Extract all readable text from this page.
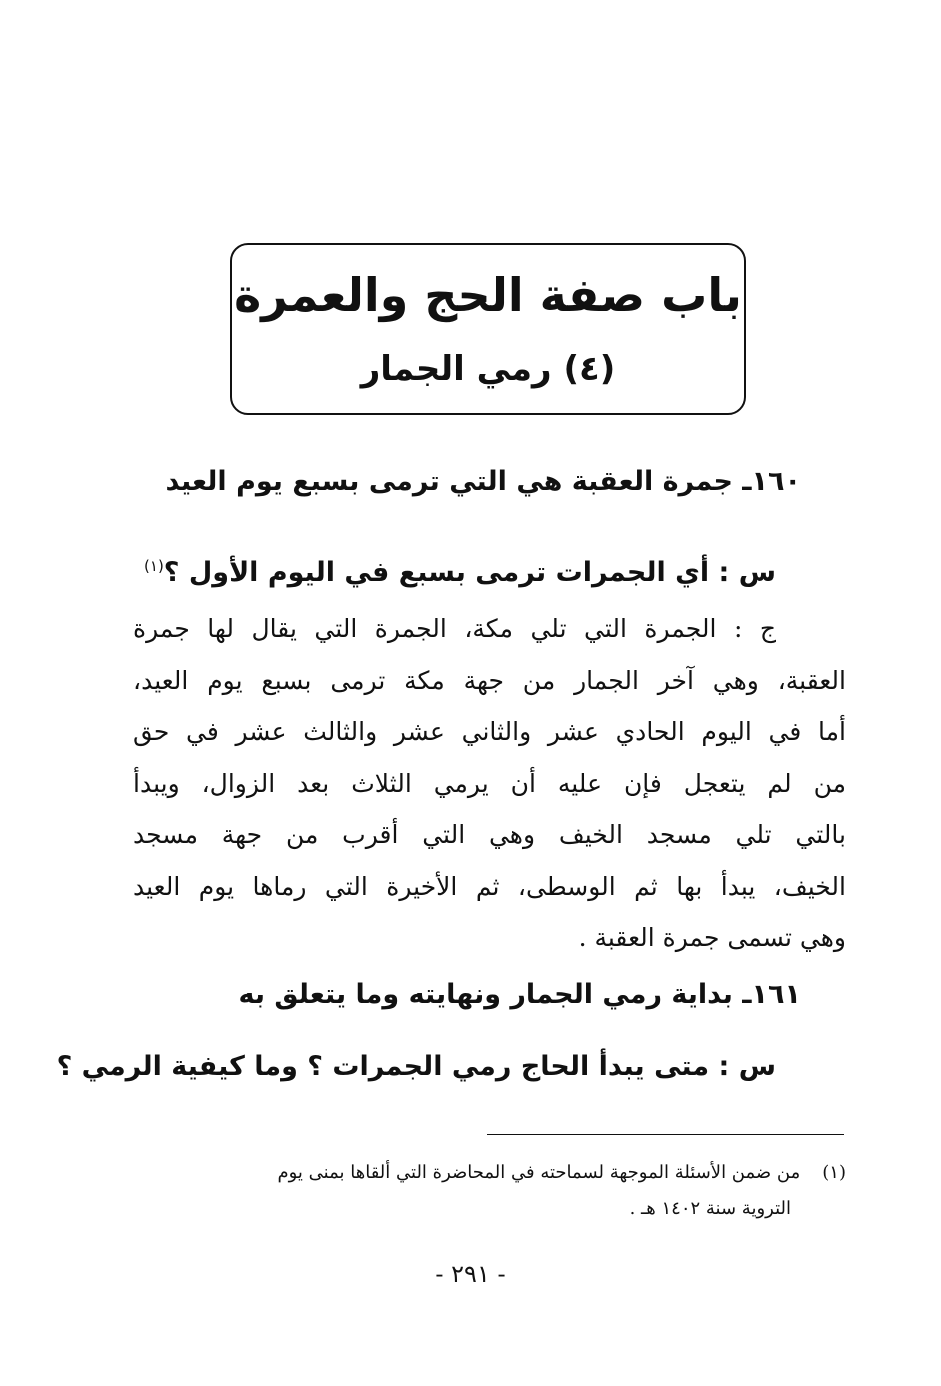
باب صفة الحج والعمرة
(٤) رمي الجمار
١٦٠ـ جمرة العقبة هي التي ترمى بسبع يوم العيد
س : أي الجمرات ترمى بسبع في اليوم الأول ؟$^{(١)}$
ج : الجمرة التي تلي مكة، الجمرة التي يقال لها جمرة
العقبة، وهي آخر الجمار من جهة مكة ترمى بسبع يوم العيد،
أما في اليوم الحادي عشر والثاني عشر والثالث عشر في حق
من لم يتعجل فإن عليه أن يرمي الثلاث بعد الزوال، ويبدأ
بالتي تلي مسجد الخيف وهي التي أقرب من جهة مسجد
الخيف، يبدأ بها ثم الوسطى، ثم الأخيرة التي رماها يوم العيد
وهي تسمى جمرة العقبة .
١٦١ـ بداية رمي الجمار ونهايته وما يتعلق به
س : متى يبدأ الحاج رمي الجمرات ؟ وما كيفية الرمي ؟
(١)من ضمن الأسئلة الموجهة لسماحته في المحاضرة التي ألقاها بمنى يوم
التروية سنة ١٤٠٢ هـ .
- ٢٩١ -
